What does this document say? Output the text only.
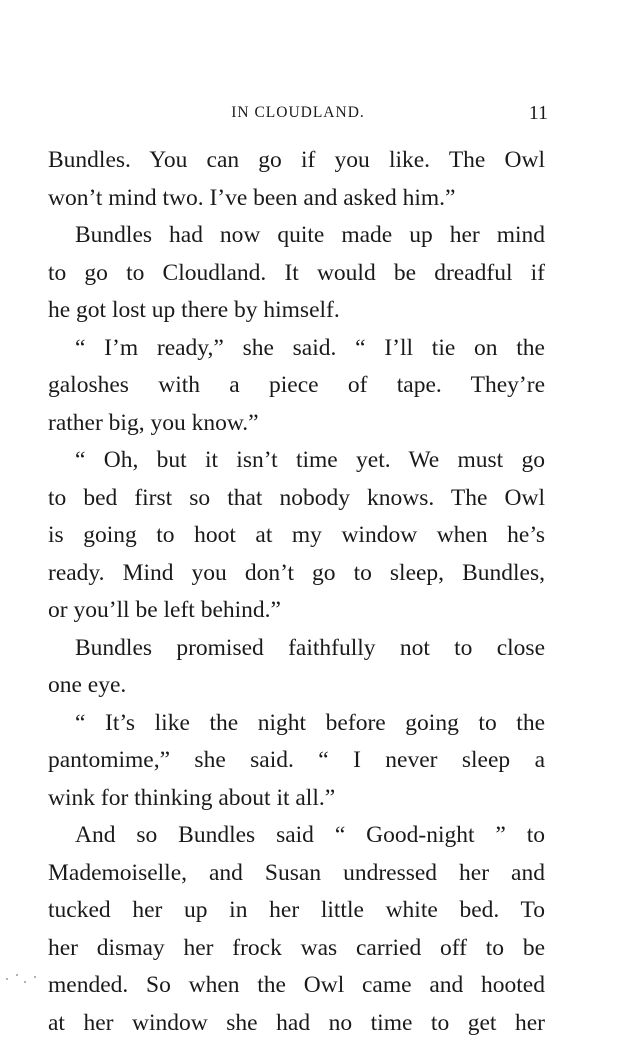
IN CLOUDLAND.	11
Bundles. You can go if you like. The Owl
won’t mind two. I’ve been and asked him.”
Bundles had now quite made up her mind
to go to Cloudland. It would be dreadful if
he got lost up there by himself.
“ I’m ready,” she said. “ I’ll tie on the
galoshes with a piece of tape. They’re
rather big, you know.”
“ Oh, but it isn’t time yet. We must go
to bed first so that nobody knows. The Owl
is going to hoot at my window when he’s
ready. Mind you don’t go to sleep, Bundles,
or you’ll be left behind.”
Bundles promised faithfully not to close
one eye.
“ It’s like the night before going to the
pantomime,” she said. “ I never sleep a
wink for thinking about it all.”
And so Bundles said “ Good-night ” to
Mademoiselle, and Susan undressed her and
tucked her up in her little white bed. To
her dismay her frock was carried off to be
mended. So when the Owl came and hooted
at her window she had no time to get her
